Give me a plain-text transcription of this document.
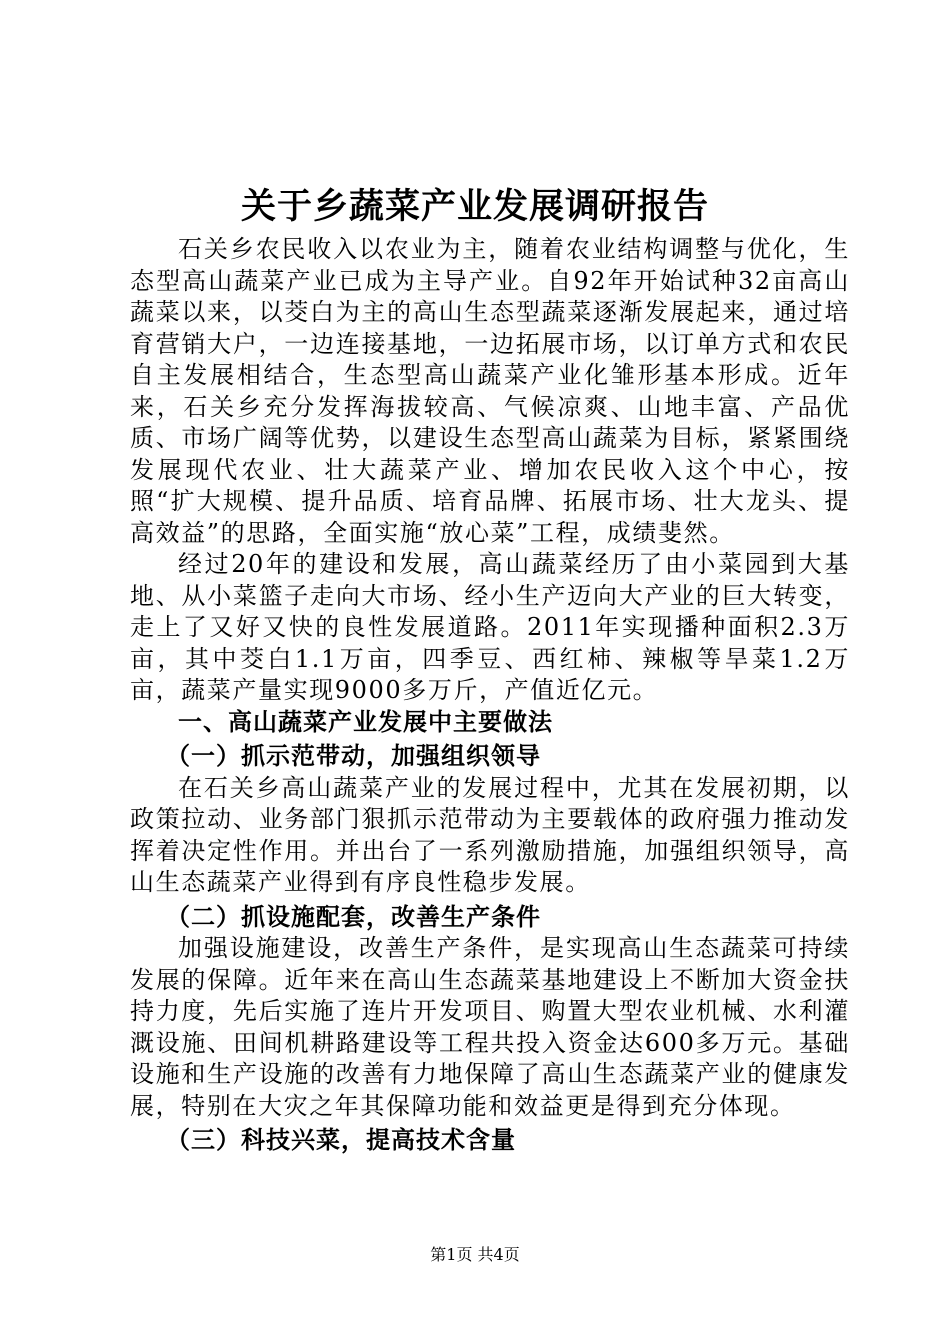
关于乡蔬菜产业发展调研报告

石关乡农民收入以农业为主，随着农业结构调整与优化，生态型高山蔬菜产业已成为主导产业。自92年开始试种32亩高山蔬菜以来，以茭白为主的高山生态型蔬菜逐渐发展起来，通过培育营销大户，一边连接基地，一边拓展市场，以订单方式和农民自主发展相结合，生态型高山蔬菜产业化雏形基本形成。近年来，石关乡充分发挥海拔较高、气候凉爽、山地丰富、产品优质、市场广阔等优势，以建设生态型高山蔬菜为目标，紧紧围绕发展现代农业、壮大蔬菜产业、增加农民收入这个中心，按照“扩大规模、提升品质、培育品牌、拓展市场、壮大龙头、提高效益”的思路，全面实施“放心菜”工程，成绩斐然。

经过20年的建设和发展，高山蔬菜经历了由小菜园到大基地、从小菜篮子走向大市场、经小生产迈向大产业的巨大转变，走上了又好又快的良性发展道路。2011年实现播种面积2.3万亩，其中茭白1.1万亩，四季豆、西红柿、辣椒等旱菜1.2万亩，蔬菜产量实现9000多万斤，产值近亿元。

一、高山蔬菜产业发展中主要做法

（一）抓示范带动，加强组织领导

在石关乡高山蔬菜产业的发展过程中，尤其在发展初期，以政策拉动、业务部门狠抓示范带动为主要载体的政府强力推动发挥着决定性作用。并出台了一系列激励措施，加强组织领导，高山生态蔬菜产业得到有序良性稳步发展。

（二）抓设施配套，改善生产条件

加强设施建设，改善生产条件，是实现高山生态蔬菜可持续发展的保障。近年来在高山生态蔬菜基地建设上不断加大资金扶持力度，先后实施了连片开发项目、购置大型农业机械、水利灌溉设施、田间机耕路建设等工程共投入资金达600多万元。基础设施和生产设施的改善有力地保障了高山生态蔬菜产业的健康发展，特别在大灾之年其保障功能和效益更是得到充分体现。

（三）科技兴菜，提高技术含量

第1页 共4页
